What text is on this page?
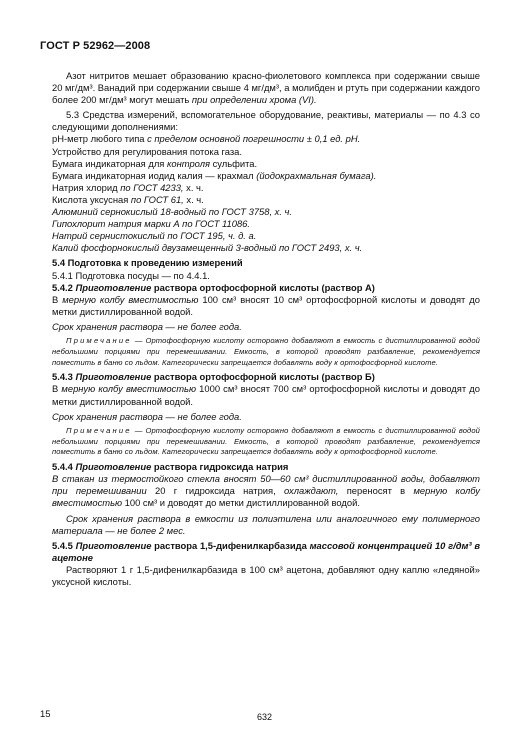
ГОСТ Р 52962—2008

Азот нитритов мешает образованию красно-фиолетового комплекса при содержании свыше 20 мг/дм³. Ванадий при содержании свыше 4 мг/дм³, а молибден и ртуть при содержании каждого более 200 мг/дм³ могут мешать при определении хрома (VI).

5.3 Средства измерений, вспомогательное оборудование, реактивы, материалы — по 4.3 со следующими дополнениями:

рН-метр любого типа с пределом основной погрешности ± 0,1 ед. рН.

Устройство для регулирования потока газа.

Бумага индикаторная для контроля сульфита.

Бумага индикаторная иодид калия — крахмал (йодокрахмальная бумага).

Натрия хлорид по ГОСТ 4233, х. ч.

Кислота уксусная по ГОСТ 61, х. ч.

Алюминий сернокислый 18-водный по ГОСТ 3758, х. ч.

Гипохлорит натрия марки А по ГОСТ 11086.

Натрий сернистокислый по ГОСТ 195, ч. д. а.

Калий фосфорнокислый двузамещенный 3-водный по ГОСТ 2493, х. ч.

5.4 Подготовка к проведению измерений

5.4.1 Подготовка посуды — по 4.4.1.

5.4.2 Приготовление раствора ортофосфорной кислоты (раствор А)

В мерную колбу вместимостью 100 см³ вносят 10 см³ ортофосфорной кислоты и доводят до метки дистиллированной водой.

Срок хранения раствора — не более года.

Примечание — Ортофосфорную кислоту осторожно добавляют в емкость с дистиллированной водой небольшими порциями при перемешивании. Емкость, в которой проводят разбавление, рекомендуется поместить в баню со льдом. Категорически запрещается добавлять воду к ортофосфорной кислоте.

5.4.3 Приготовление раствора ортофосфорной кислоты (раствор Б)

В мерную колбу вместимостью 1000 см³ вносят 700 см³ ортофосфорной кислоты и доводят до метки дистиллированной водой.

Срок хранения раствора — не более года.

Примечание — Ортофосфорную кислоту осторожно добавляют в емкость с дистиллированной водой небольшими порциями при перемешивании. Емкость, в которой проводят разбавление, рекомендуется поместить в баню со льдом. Категорически запрещается добавлять воду к ортофосфорной кислоте.

5.4.4 Приготовление раствора гидроксида натрия

В стакан из термостойкого стекла вносят 50—60 см³ дистиллированной воды, добавляют при перемешивании 20 г гидроксида натрия, охлаждают, переносят в мерную колбу вместимостью 100 см³ и доводят до метки дистиллированной водой.

Срок хранения раствора в емкости из полиэтилена или аналогичного ему полимерного материала — не более 2 мес.

5.4.5 Приготовление раствора 1,5-дифенилкарбазида массовой концентрацией 10 г/дм³ в ацетоне

Растворяют 1 г 1,5-дифенилкарбазида в 100 см³ ацетона, добавляют одну каплю «ледяной» уксусной кислоты.

15	632
